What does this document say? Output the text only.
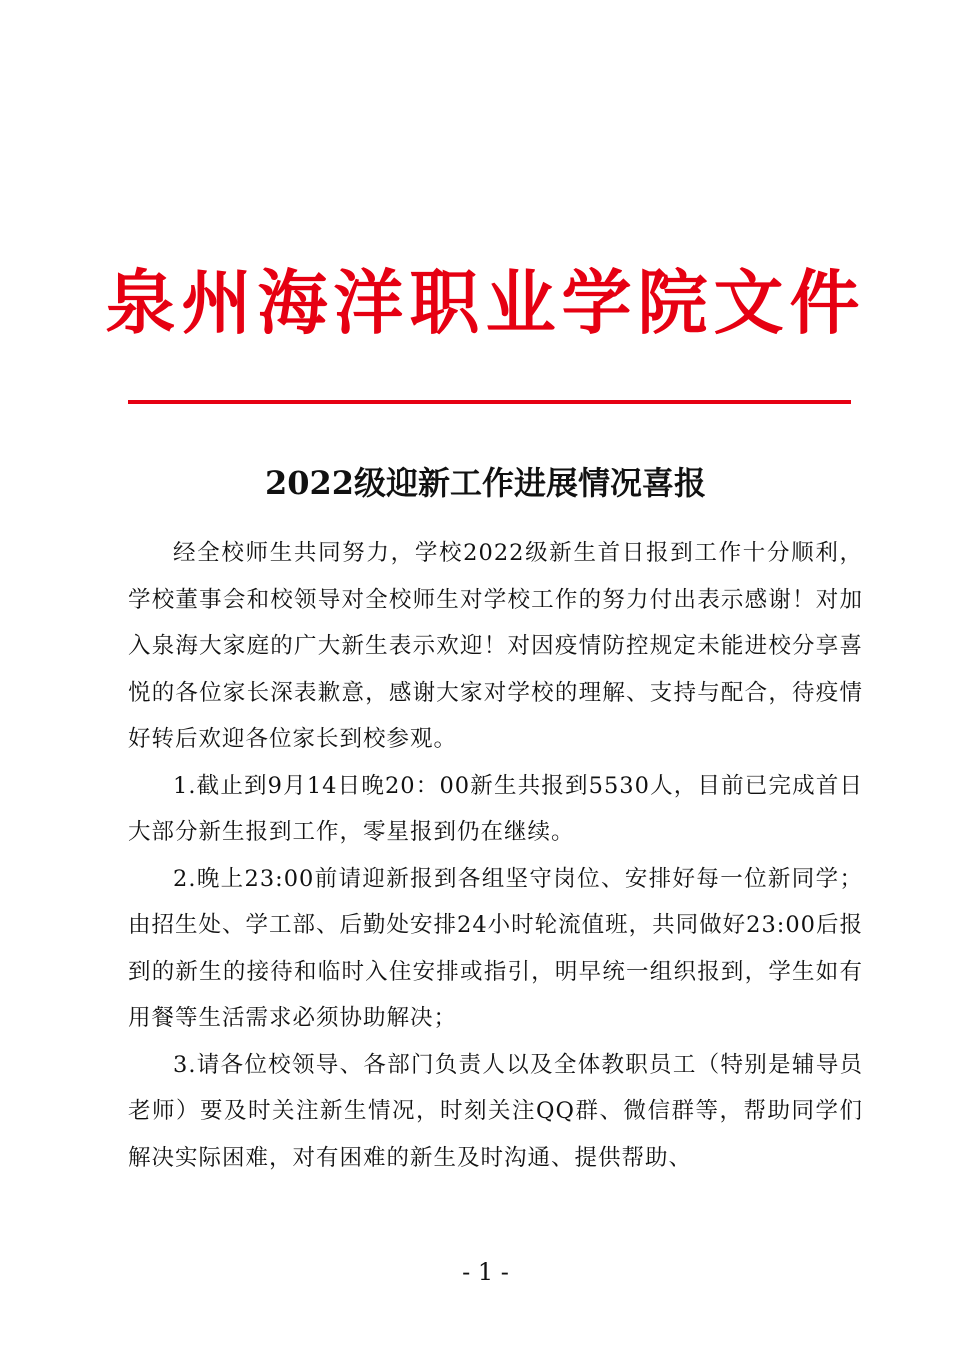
泉州海洋职业学院文件
2022级迎新工作进展情况喜报

经全校师生共同努力，学校2022级新生首日报到工作十分顺利，学校董事会和校领导对全校师生对学校工作的努力付出表示感谢！对加入泉海大家庭的广大新生表示欢迎！对因疫情防控规定未能进校分享喜悦的各位家长深表歉意，感谢大家对学校的理解、支持与配合，待疫情好转后欢迎各位家长到校参观。

1.截止到9月14日晚20：00新生共报到5530人，目前已完成首日大部分新生报到工作，零星报到仍在继续。

2.晚上23:00前请迎新报到各组坚守岗位、安排好每一位新同学；由招生处、学工部、后勤处安排24小时轮流值班，共同做好23:00后报到的新生的接待和临时入住安排或指引，明早统一组织报到，学生如有用餐等生活需求必须协助解决；

3.请各位校领导、各部门负责人以及全体教职员工（特别是辅导员老师）要及时关注新生情况，时刻关注QQ群、微信群等，帮助同学们解决实际困难，对有困难的新生及时沟通、提供帮助、

- 1 -
